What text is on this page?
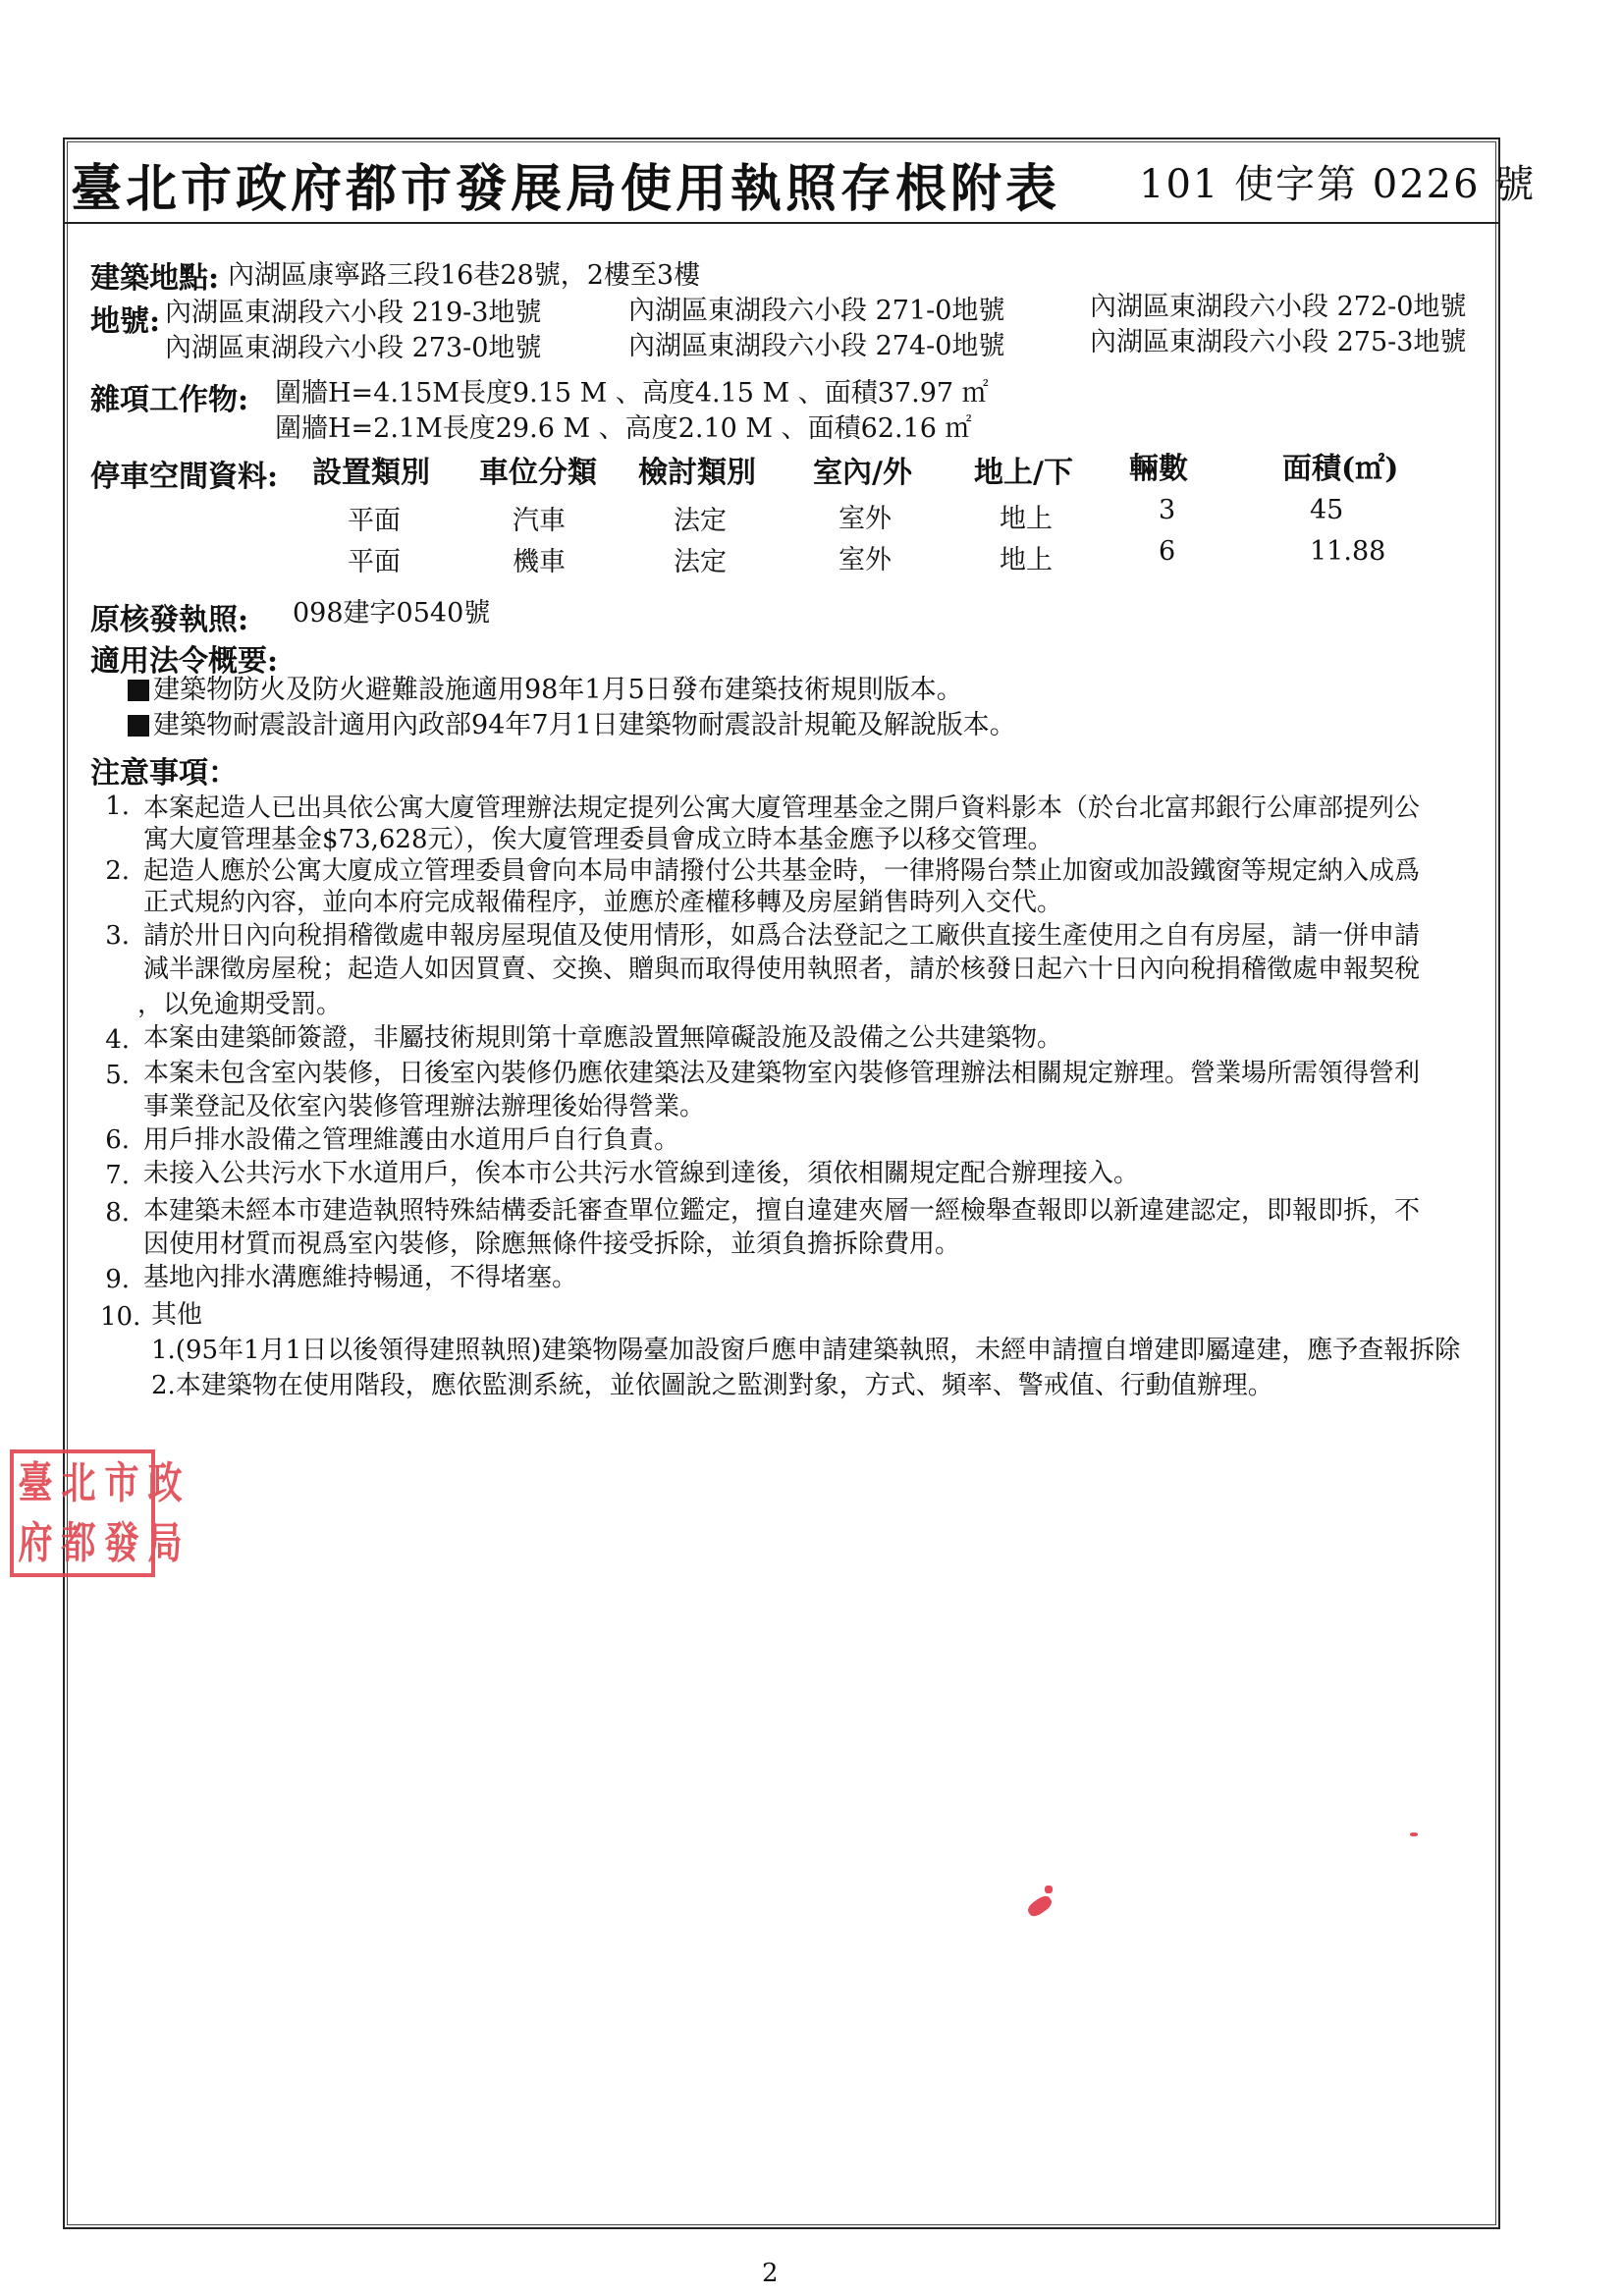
臺北市政府都市發展局使用執照存根附表 101 使字第 0226 號
建築地點: 內湖區康寧路三段16巷28號，2樓至3樓
地號: 內湖區東湖段六小段 219-3地號	內湖區東湖段六小段 271-0地號	內湖區東湖段六小段 272-0地號
內湖區東湖段六小段 273-0地號	內湖區東湖段六小段 274-0地號	內湖區東湖段六小段 275-3地號
雜項工作物: 圍牆H=4.15M長度9.15 M 、高度4.15 M 、面積37.97 ㎡
圍牆H=2.1M長度29.6 M 、高度2.10 M 、面積62.16 ㎡
停車空間資料: 設置類別 車位分類 檢討類別 室內/外 地上/下 輛數	面積(㎡)
平面	汽車	法定	室外	地上	3	45
平面	機車	法定	室外	地上	6	11.88
原核發執照: 098建字0540號
適用法令概要:
建築物防火及防火避難設施適用98年1月5日發布建築技術規則版本。
建築物耐震設計適用內政部94年7月1日建築物耐震設計規範及解說版本。
注意事項：
1. 本案起造人已出具依公寓大廈管理辦法規定提列公寓大廈管理基金之開戶資料影本（於台北富邦銀行公庫部提列公
寓大廈管理基金$73,628元），俟大廈管理委員會成立時本基金應予以移交管理。
2. 起造人應於公寓大廈成立管理委員會向本局申請撥付公共基金時，一律將陽台禁止加窗或加設鐵窗等規定納入成爲
正式規約內容，並向本府完成報備程序，並應於產權移轉及房屋銷售時列入交代。
3. 請於卅日內向稅捐稽徵處申報房屋現值及使用情形，如爲合法登記之工廠供直接生產使用之自有房屋，請一併申請
減半課徵房屋稅；起造人如因買賣、交換、贈與而取得使用執照者，請於核發日起六十日內向稅捐稽徵處申報契稅
，以免逾期受罰。
4. 本案由建築師簽證，非屬技術規則第十章應設置無障礙設施及設備之公共建築物。
5. 本案未包含室內裝修，日後室內裝修仍應依建築法及建築物室內裝修管理辦法相關規定辦理。營業場所需領得營利
事業登記及依室內裝修管理辦法辦理後始得營業。
6. 用戶排水設備之管理維護由水道用戶自行負責。
7. 未接入公共污水下水道用戶，俟本市公共污水管線到達後，須依相關規定配合辦理接入。
8. 本建築未經本市建造執照特殊結構委託審查單位鑑定，擅自違建夾層一經檢舉查報即以新違建認定，即報即拆，不
因使用材質而視爲室內裝修，除應無條件接受拆除，並須負擔拆除費用。
9. 基地內排水溝應維持暢通，不得堵塞。
10. 其他
1.(95年1月1日以後領得建照執照)建築物陽臺加設窗戶應申請建築執照，未經申請擅自增建即屬違建，應予查報拆除
2.本建築物在使用階段，應依監測系統，並依圖說之監測對象，方式、頻率、警戒值、行動值辦理。
臺 北 市 政
府 都 發 局
2
